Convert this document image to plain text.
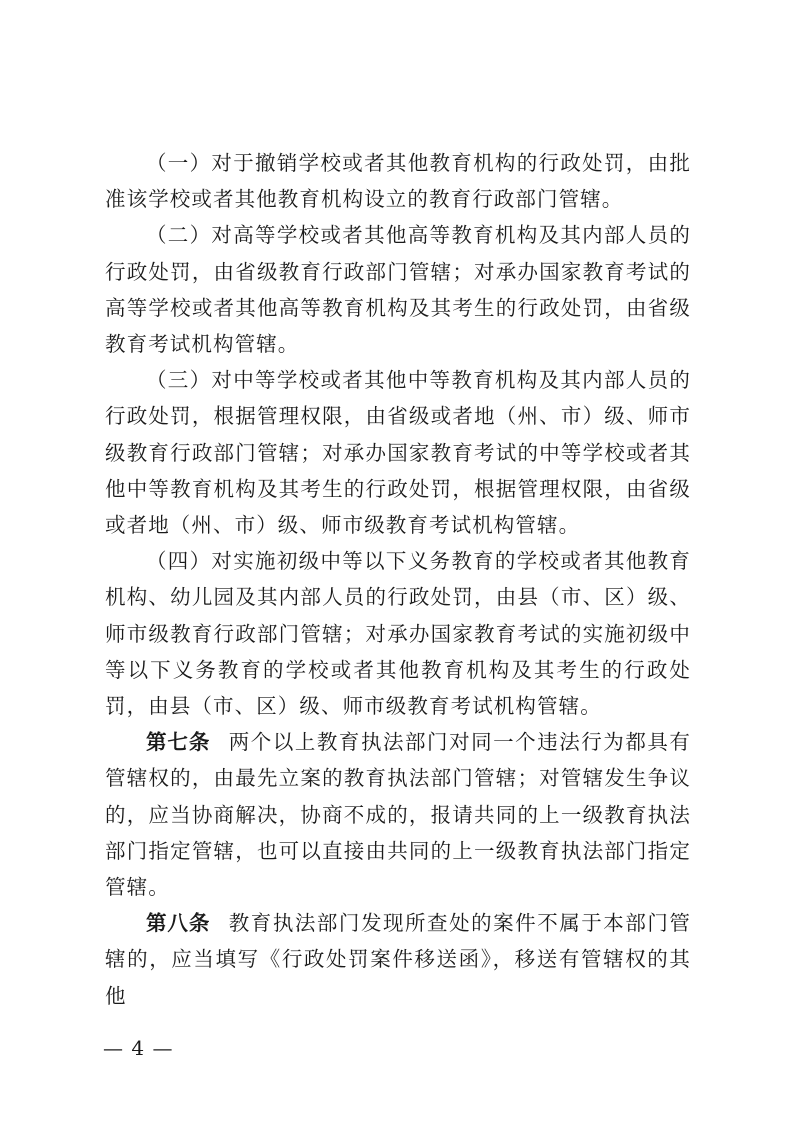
（一）对于撤销学校或者其他教育机构的行政处罚，由批准该学校或者其他教育机构设立的教育行政部门管辖。

（二）对高等学校或者其他高等教育机构及其内部人员的行政处罚，由省级教育行政部门管辖；对承办国家教育考试的高等学校或者其他高等教育机构及其考生的行政处罚，由省级教育考试机构管辖。

（三）对中等学校或者其他中等教育机构及其内部人员的行政处罚，根据管理权限，由省级或者地（州、市）级、师市级教育行政部门管辖；对承办国家教育考试的中等学校或者其他中等教育机构及其考生的行政处罚，根据管理权限，由省级或者地（州、市）级、师市级教育考试机构管辖。

（四）对实施初级中等以下义务教育的学校或者其他教育机构、幼儿园及其内部人员的行政处罚，由县（市、区）级、师市级教育行政部门管辖；对承办国家教育考试的实施初级中等以下义务教育的学校或者其他教育机构及其考生的行政处罚，由县（市、区）级、师市级教育考试机构管辖。

第七条 两个以上教育执法部门对同一个违法行为都具有管辖权的，由最先立案的教育执法部门管辖；对管辖发生争议的，应当协商解决，协商不成的，报请共同的上一级教育执法部门指定管辖，也可以直接由共同的上一级教育执法部门指定管辖。

第八条 教育执法部门发现所查处的案件不属于本部门管辖的，应当填写《行政处罚案件移送函》，移送有管辖权的其他

— 4 —
